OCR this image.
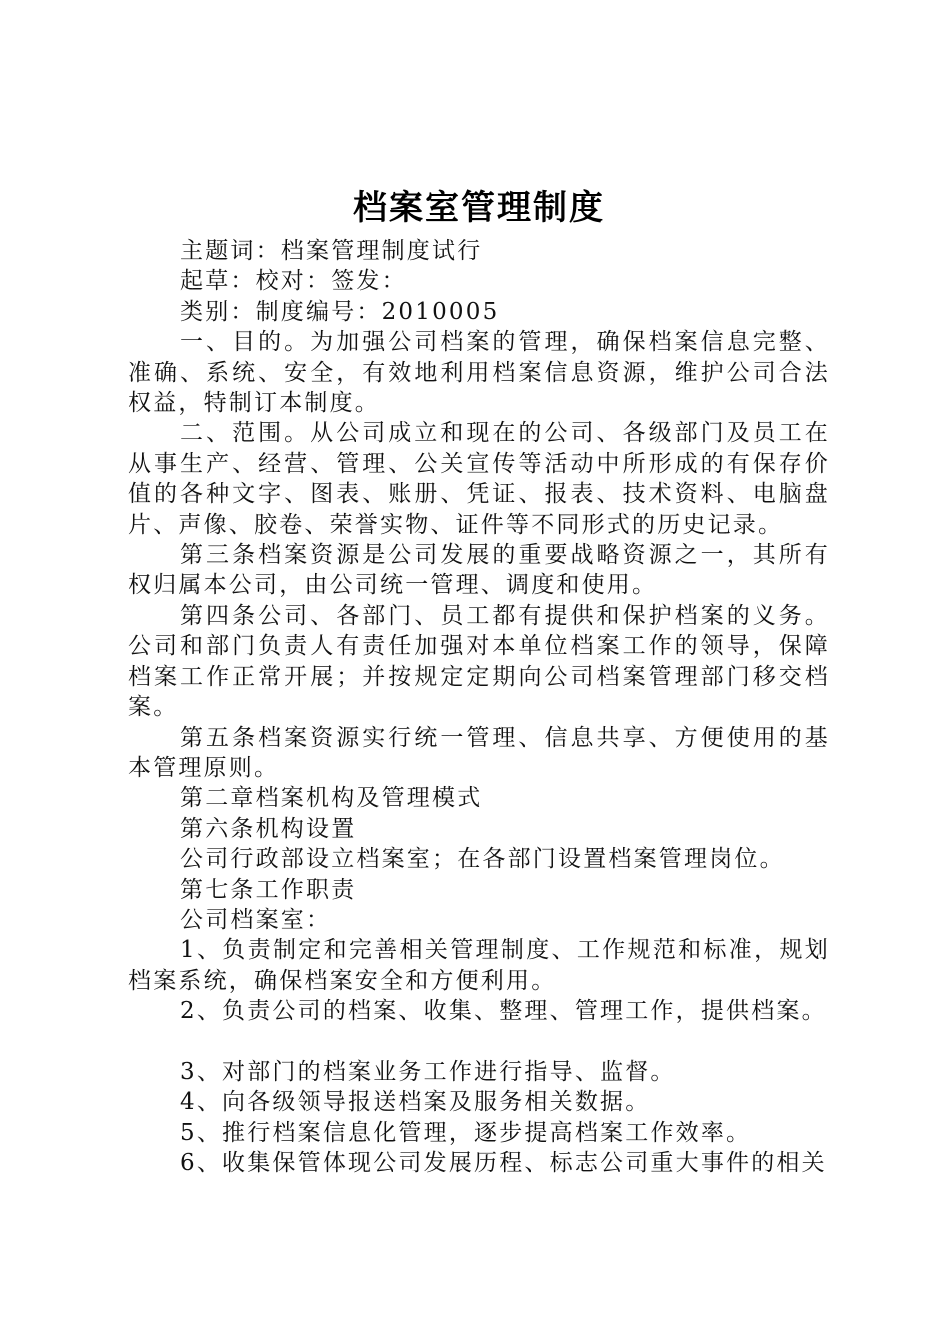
档案室管理制度

主题词：档案管理制度试行

起草：校对：签发：

类别：制度编号：2010005

一、目的。为加强公司档案的管理，确保档案信息完整、准确、系统、安全，有效地利用档案信息资源，维护公司合法权益，特制订本制度。

二、范围。从公司成立和现在的公司、各级部门及员工在从事生产、经营、管理、公关宣传等活动中所形成的有保存价值的各种文字、图表、账册、凭证、报表、技术资料、电脑盘片、声像、胶卷、荣誉实物、证件等不同形式的历史记录。

第三条档案资源是公司发展的重要战略资源之一，其所有权归属本公司，由公司统一管理、调度和使用。

第四条公司、各部门、员工都有提供和保护档案的义务。公司和部门负责人有责任加强对本单位档案工作的领导，保障档案工作正常开展；并按规定定期向公司档案管理部门移交档案。

第五条档案资源实行统一管理、信息共享、方便使用的基本管理原则。

第二章档案机构及管理模式

第六条机构设置

公司行政部设立档案室；在各部门设置档案管理岗位。

第七条工作职责

公司档案室：

1、负责制定和完善相关管理制度、工作规范和标准，规划档案系统，确保档案安全和方便利用。

2、负责公司的档案、收集、整理、管理工作，提供档案。

3、对部门的档案业务工作进行指导、监督。

4、向各级领导报送档案及服务相关数据。

5、推行档案信息化管理，逐步提高档案工作效率。

6、收集保管体现公司发展历程、标志公司重大事件的相关
